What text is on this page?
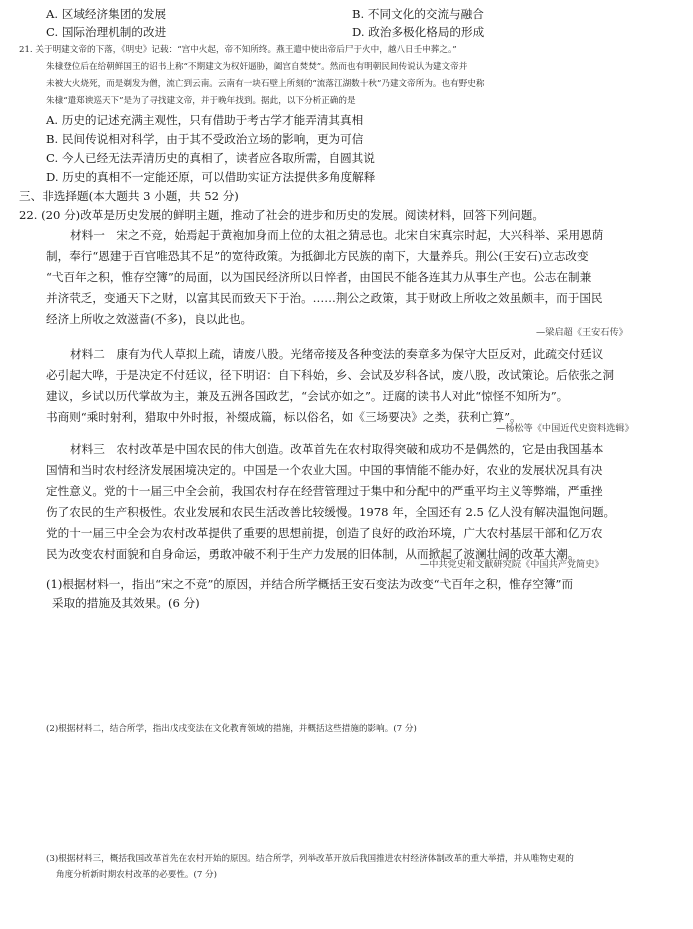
A. 区域经济集团的发展	B. 不同文化的交流与融合
C. 国际治理机制的改进	D. 政治多极化格局的形成
21. 关于明建文帝的下落，《明史》记载：“宫中火起，帝不知所终。燕王遣中使出帝后尸于火中，越八日壬申葬之。”
朱棣登位后在给朝鲜国王的诏书上称“不期建文为权奸逼胁，阖宫自焚焚”。然而也有明朝民间传说认为建文帝并
未被大火烧死，而是剃发为僧，流亡到云南。云南有一块石壁上所刻的“流落江湖数十秋”乃建文帝所为。也有野史称
朱棣“遣郑谀巡天下”是为了寻找建文帝，并于晚年找到。据此，以下分析正确的是
A. 历史的记述充满主观性，只有借助于考古学才能弄清其真相
B. 民间传说相对科学，由于其不受政治立场的影响，更为可信
C. 今人已经无法弄清历史的真相了，读者应各取所需，自圆其说
D. 历史的真相不一定能还原，可以借助实证方法提供多角度解释
三、非选择题(本大题共 3 小题，共 52 分)
22. (20 分)改革是历史发展的鲜明主题，推动了社会的进步和历史的发展。阅读材料，回答下列问题。
材料一　宋之不竞，始焉起于黄袍加身而上位的太祖之猜忌也。北宋自宋真宗时起，大兴科举、采用恩荫
制，奉行“恩建于百官唯恐其不足”的宽待政策。为抵御北方民族的南下，大量养兵。荆公(王安石)立志改变
“弋百年之积，惟存空簿”的局面，以为国民经济所以日悴者，由国民不能各连其力从事生产也。公志在制兼
并济茕乏，变通天下之财，以富其民而致天下于治。……荆公之政策，其于财政上所收之效虽颇丰，而于国民
经济上所收之效滋啬(不多)，良以此也。
—梁启超《王安石传》
材料二　康有为代人草拟上疏，请废八股。光绪帝接及各种变法的奏章多为保守大臣反对，此疏交付廷议
必引起大哗，于是决定不付廷议，径下明诏：自下科始，乡、会试及岁科各试，废八股，改试策论。后依张之洞
建议，乡试以历代掌故为主，兼及五洲各国政艺，“会试亦如之”。迂腐的读书人对此“惊怪不知所为”。
书商则“乘时射利，猎取中外时报，补缀成篇，标以俗名，如《三场要决》之类，获利亡算”。
—杨松等《中国近代史资料选辑》
材料三　农村改革是中国农民的伟大创造。改革首先在农村取得突破和成功不是偶然的，它是由我国基本
国情和当时农村经济发展困境决定的。中国是一个农业大国。中国的事情能不能办好，农业的发展状况具有决
定性意义。党的十一届三中全会前，我国农村存在经营管理过于集中和分配中的严重平均主义等弊端，严重挫
伤了农民的生产积极性。农业发展和农民生活改善比较缓慢。1978 年，全国还有 2.5 亿人没有解决温饱问题。
党的十一届三中全会为农村改革提供了重要的思想前提，创造了良好的政治环境，广大农村基层干部和亿万农
民为改变农村面貌和自身命运，勇敢冲破不利于生产力发展的旧体制，从而掀起了波澜壮阔的改革大潮。
—中共党史和文献研究院《中国共产党简史》
(1)根据材料一，指出“宋之不竞”的原因，并结合所学概括王安石变法为改变“弋百年之积，惟存空簿”而
采取的措施及其效果。(6 分)
(2)根据材料二，结合所学，指出戊戌变法在文化教育领域的措施，并概括这些措施的影响。(7 分)
(3)根据材料三，概括我国改革首先在农村开始的原因。结合所学，列举改革开放后我国推进农村经济体制改革的重大举措，并从唯物史观的
角度分析新时期农村改革的必要性。(7 分)
